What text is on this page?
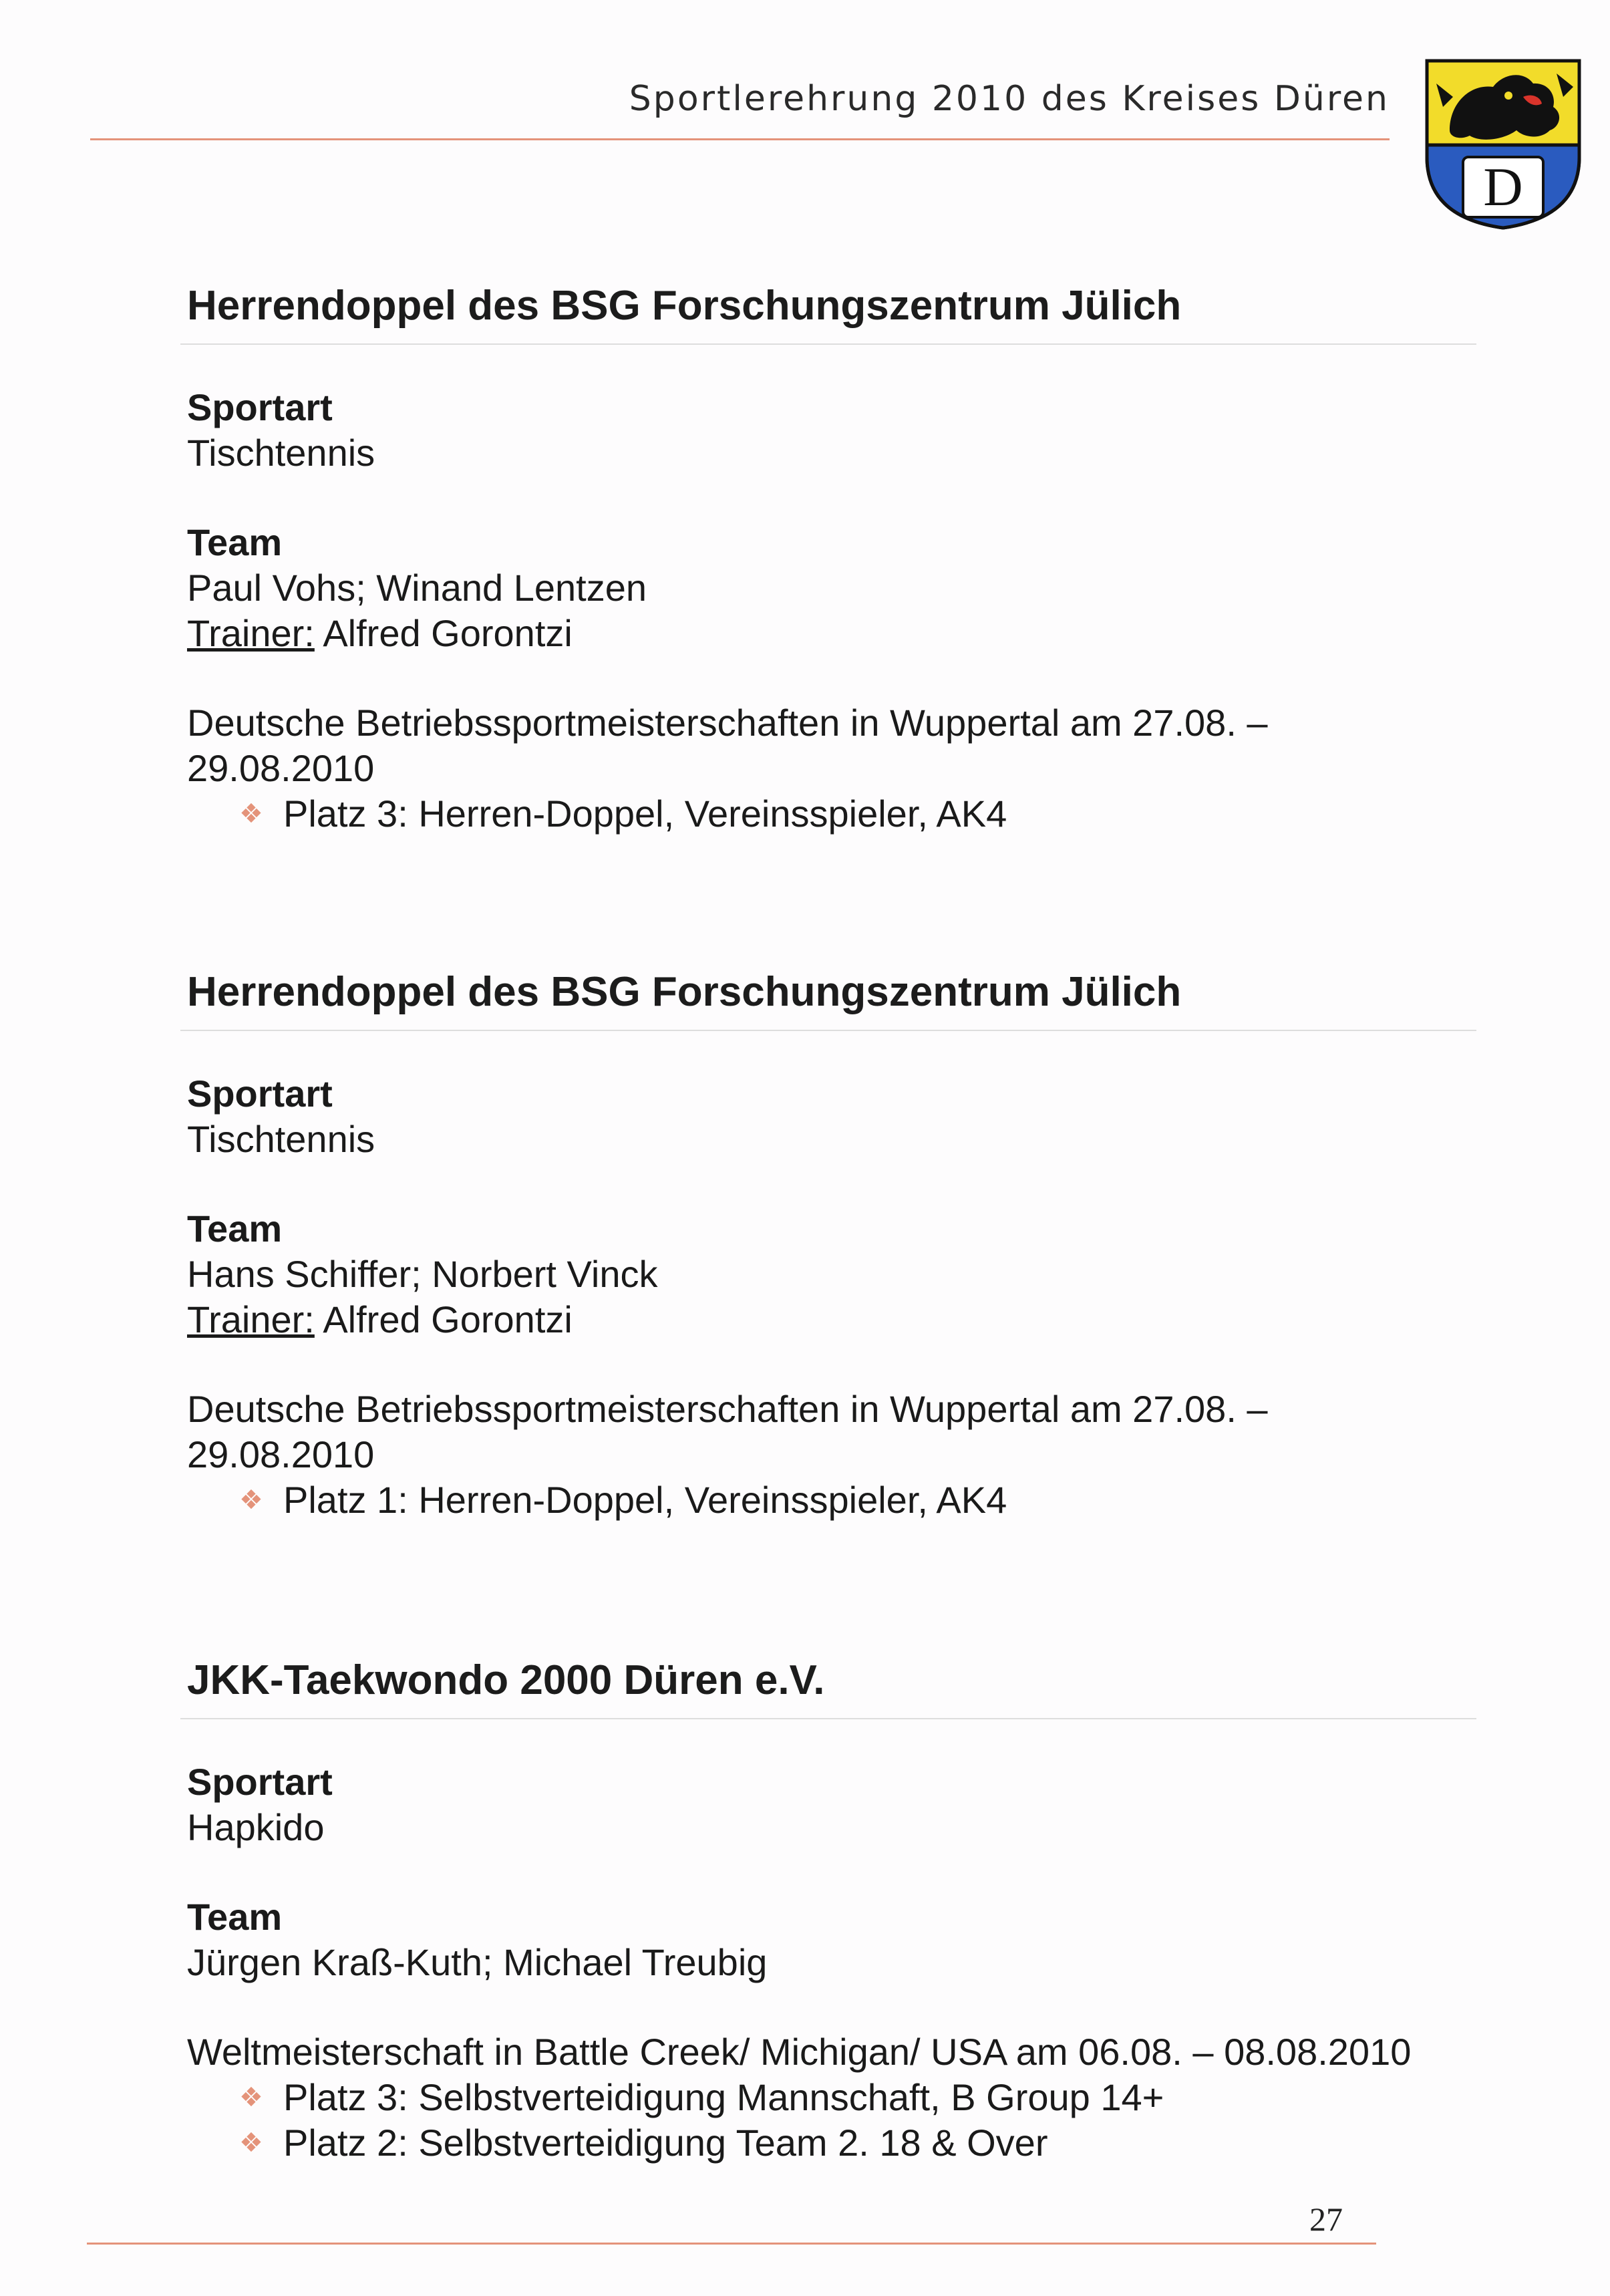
Sportlerehrung 2010 des Kreises Düren
D
Herrendoppel des BSG Forschungszentrum Jülich
Sportart
Tischtennis
Team
Paul Vohs; Winand Lentzen
Trainer: Alfred Gorontzi
Deutsche Betriebssportmeisterschaften in Wuppertal am 27.08. –
29.08.2010
❖ Platz 3: Herren-Doppel, Vereinsspieler, AK4
Herrendoppel des BSG Forschungszentrum Jülich
Sportart
Tischtennis
Team
Hans Schiffer; Norbert Vinck
Trainer: Alfred Gorontzi
Deutsche Betriebssportmeisterschaften in Wuppertal am 27.08. –
29.08.2010
❖ Platz 1: Herren-Doppel, Vereinsspieler, AK4
JKK-Taekwondo 2000 Düren e.V.
Sportart
Hapkido
Team
Jürgen Kraß-Kuth; Michael Treubig
Weltmeisterschaft in Battle Creek/ Michigan/ USA am 06.08. – 08.08.2010
❖ Platz 3: Selbstverteidigung Mannschaft, B Group 14+
❖ Platz 2: Selbstverteidigung Team 2. 18 & Over
27
